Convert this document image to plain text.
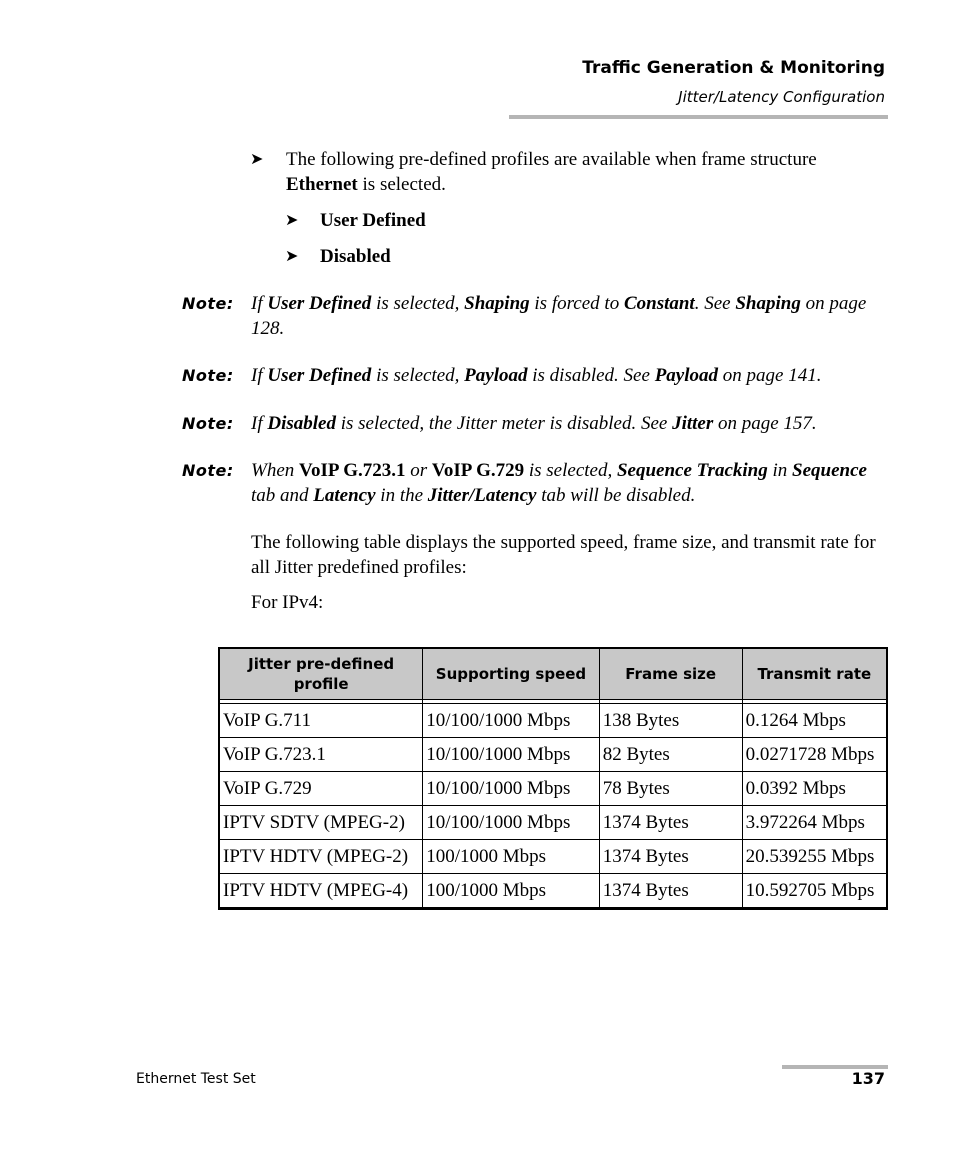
Traffic Generation & Monitoring
Jitter/Latency Configuration
➤ The following pre-defined profiles are available when frame structure Ethernet is selected.
➤ User Defined
➤ Disabled
Note: If User Defined is selected, Shaping is forced to Constant. See Shaping on page 128.
Note: If User Defined is selected, Payload is disabled. See Payload on page 141.
Note: If Disabled is selected, the Jitter meter is disabled. See Jitter on page 157.
Note: When VoIP G.723.1 or VoIP G.729 is selected, Sequence Tracking in Sequence tab and Latency in the Jitter/Latency tab will be disabled.
The following table displays the supported speed, frame size, and transmit rate for all Jitter predefined profiles:
For IPv4:
Jitter pre-defined profile	Supporting speed	Frame size	Transmit rate

VoIP G.711	10/100/1000 Mbps	138 Bytes	0.1264 Mbps
VoIP G.723.1	10/100/1000 Mbps	82 Bytes	0.0271728 Mbps
VoIP G.729	10/100/1000 Mbps	78 Bytes	0.0392 Mbps
IPTV SDTV (MPEG-2)	10/100/1000 Mbps	1374 Bytes	3.972264 Mbps
IPTV HDTV (MPEG-2)	100/1000 Mbps	1374 Bytes	20.539255 Mbps
IPTV HDTV (MPEG-4)	100/1000 Mbps	1374 Bytes	10.592705 Mbps
Ethernet Test Set	137
